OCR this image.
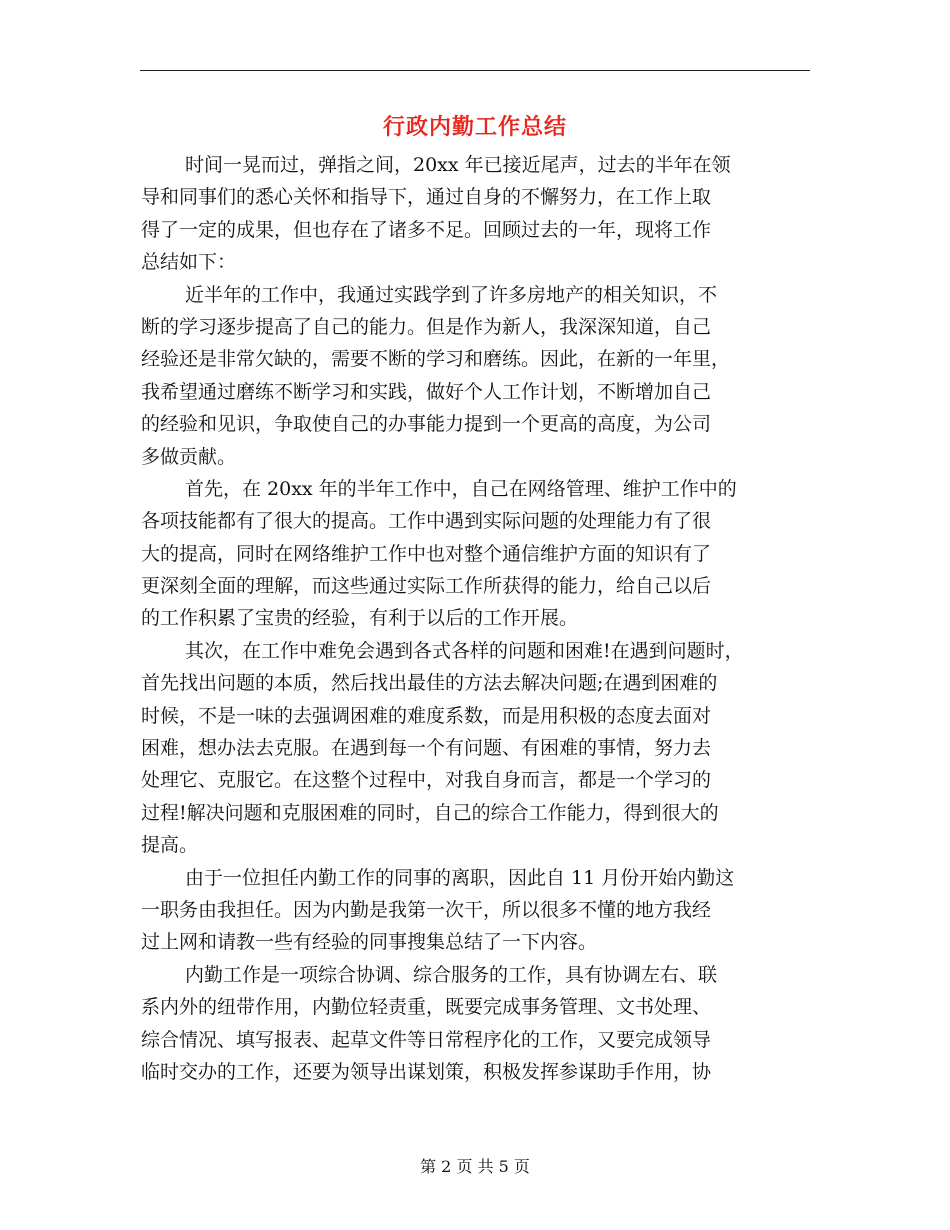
行政内勤工作总结
时间一晃而过，弹指之间，20xx 年已接近尾声，过去的半年在领
导和同事们的悉心关怀和指导下，通过自身的不懈努力，在工作上取
得了一定的成果，但也存在了诸多不足。回顾过去的一年，现将工作
总结如下：
近半年的工作中，我通过实践学到了许多房地产的相关知识，不
断的学习逐步提高了自己的能力。但是作为新人，我深深知道，自己
经验还是非常欠缺的，需要不断的学习和磨练。因此，在新的一年里，
我希望通过磨练不断学习和实践，做好个人工作计划，不断增加自己
的经验和见识，争取使自己的办事能力提到一个更高的高度，为公司
多做贡献。
首先，在 20xx 年的半年工作中，自己在网络管理、维护工作中的
各项技能都有了很大的提高。工作中遇到实际问题的处理能力有了很
大的提高，同时在网络维护工作中也对整个通信维护方面的知识有了
更深刻全面的理解，而这些通过实际工作所获得的能力，给自己以后
的工作积累了宝贵的经验，有利于以后的工作开展。
其次，在工作中难免会遇到各式各样的问题和困难!在遇到问题时，
首先找出问题的本质，然后找出最佳的方法去解决问题;在遇到困难的
时候，不是一味的去强调困难的难度系数，而是用积极的态度去面对
困难，想办法去克服。在遇到每一个有问题、有困难的事情，努力去
处理它、克服它。在这整个过程中，对我自身而言，都是一个学习的
过程!解决问题和克服困难的同时，自己的综合工作能力，得到很大的
提高。
由于一位担任内勤工作的同事的离职，因此自 11 月份开始内勤这
一职务由我担任。因为内勤是我第一次干，所以很多不懂的地方我经
过上网和请教一些有经验的同事搜集总结了一下内容。
内勤工作是一项综合协调、综合服务的工作，具有协调左右、联
系内外的纽带作用，内勤位轻责重，既要完成事务管理、文书处理、
综合情况、填写报表、起草文件等日常程序化的工作，又要完成领导
临时交办的工作，还要为领导出谋划策，积极发挥参谋助手作用，协
第 2 页 共 5 页
